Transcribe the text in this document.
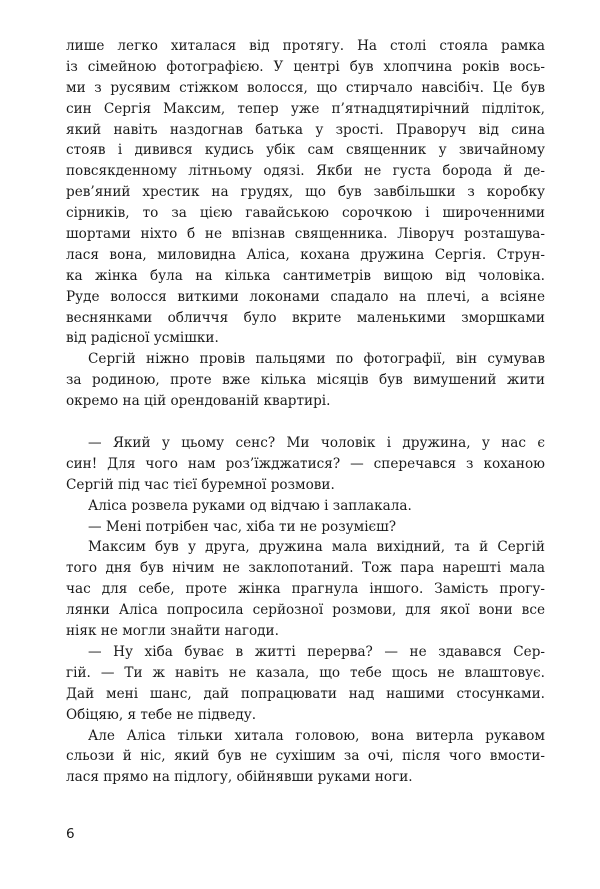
лише легко хиталася від протягу. На столі стояла рамка
із сімейною фотографією. У центрі був хлопчина років вось-
ми з русявим стіжком волосся, що стирчало навсібіч. Це був
син Сергія Максим, тепер уже п’ятнадцятирічний підліток,
який навіть наздогнав батька у зрості. Праворуч від сина
стояв і дивився кудись убік сам священник у звичайному
повсякденному літньому одязі. Якби не густа борода й де-
рев’яний хрестик на грудях, що був завбільшки з коробку
сірників, то за цією гавайською сорочкою і широченними
шортами ніхто б не впізнав священника. Ліворуч розташува-
лася вона, миловидна Аліса, кохана дружина Сергія. Струн-
ка жінка була на кілька сантиметрів вищою від чоловіка.
Руде волосся виткими локонами спадало на плечі, а всіяне
веснянками обличчя було вкрите маленькими зморшками
від радісної усмішки.
Сергій ніжно провів пальцями по фотографії, він сумував
за родиною, проте вже кілька місяців був вимушений жити
окремо на цій орендованій квартирі.
— Який у цьому сенс? Ми чоловік і дружина, у нас є
син! Для чого нам роз’їжджатися? — сперечався з коханою
Сергій під час тієї буремної розмови.
Аліса розвела руками од відчаю і заплакала.
— Мені потрібен час, хіба ти не розумієш?
Максим був у друга, дружина мала вихідний, та й Сергій
того дня був нічим не заклопотаний. Тож пара нарешті мала
час для себе, проте жінка прагнула іншого. Замість прогу-
лянки Аліса попросила серйозної розмови, для якої вони все
ніяк не могли знайти нагоди.
— Ну хіба буває в житті перерва? — не здавався Сер-
гій. — Ти ж навіть не казала, що тебе щось не влаштовує.
Дай мені шанс, дай попрацювати над нашими стосунками.
Обіцяю, я тебе не підведу.
Але Аліса тільки хитала головою, вона витерла рукавом
сльози й ніс, який був не сухішим за очі, після чого вмости-
лася прямо на підлогу, обійнявши руками ноги.
6
